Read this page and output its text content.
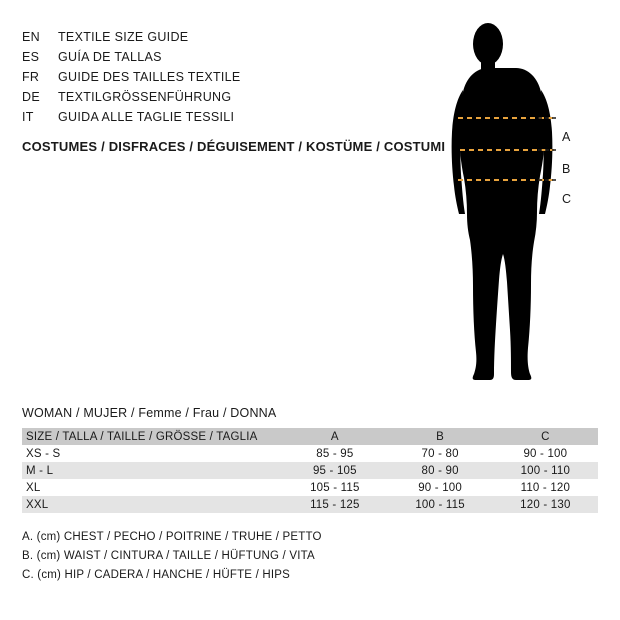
EN	TEXTILE SIZE GUIDE
ES	GUÍA DE TALLAS
FR	GUIDE DES TAILLES TEXTILE
DE	TEXTILGRÖSSENFÜHRUNG
IT	GUIDA ALLE TAGLIE TESSILI
COSTUMES / DISFRACES / DÉGUISEMENT / KOSTÜME / COSTUMI
A
B
C
WOMAN / MUJER / Femme / Frau / DONNA
SIZE / TALLA / TAILLE / GRÖSSE / TAGLIA	A	B	C
XS - S	85 - 95	70 - 80	90 - 100
M - L	95 - 105	80 - 90	100 - 110
XL	105 - 115	90 - 100	110 - 120
XXL	115 - 125	100 - 115	120 - 130
A. (cm) CHEST / PECHO / POITRINE / TRUHE / PETTO
B. (cm) WAIST / CINTURA / TAILLE / HÜFTUNG / VITA
C. (cm) HIP / CADERA / HANCHE / HÜFTE / HIPS
